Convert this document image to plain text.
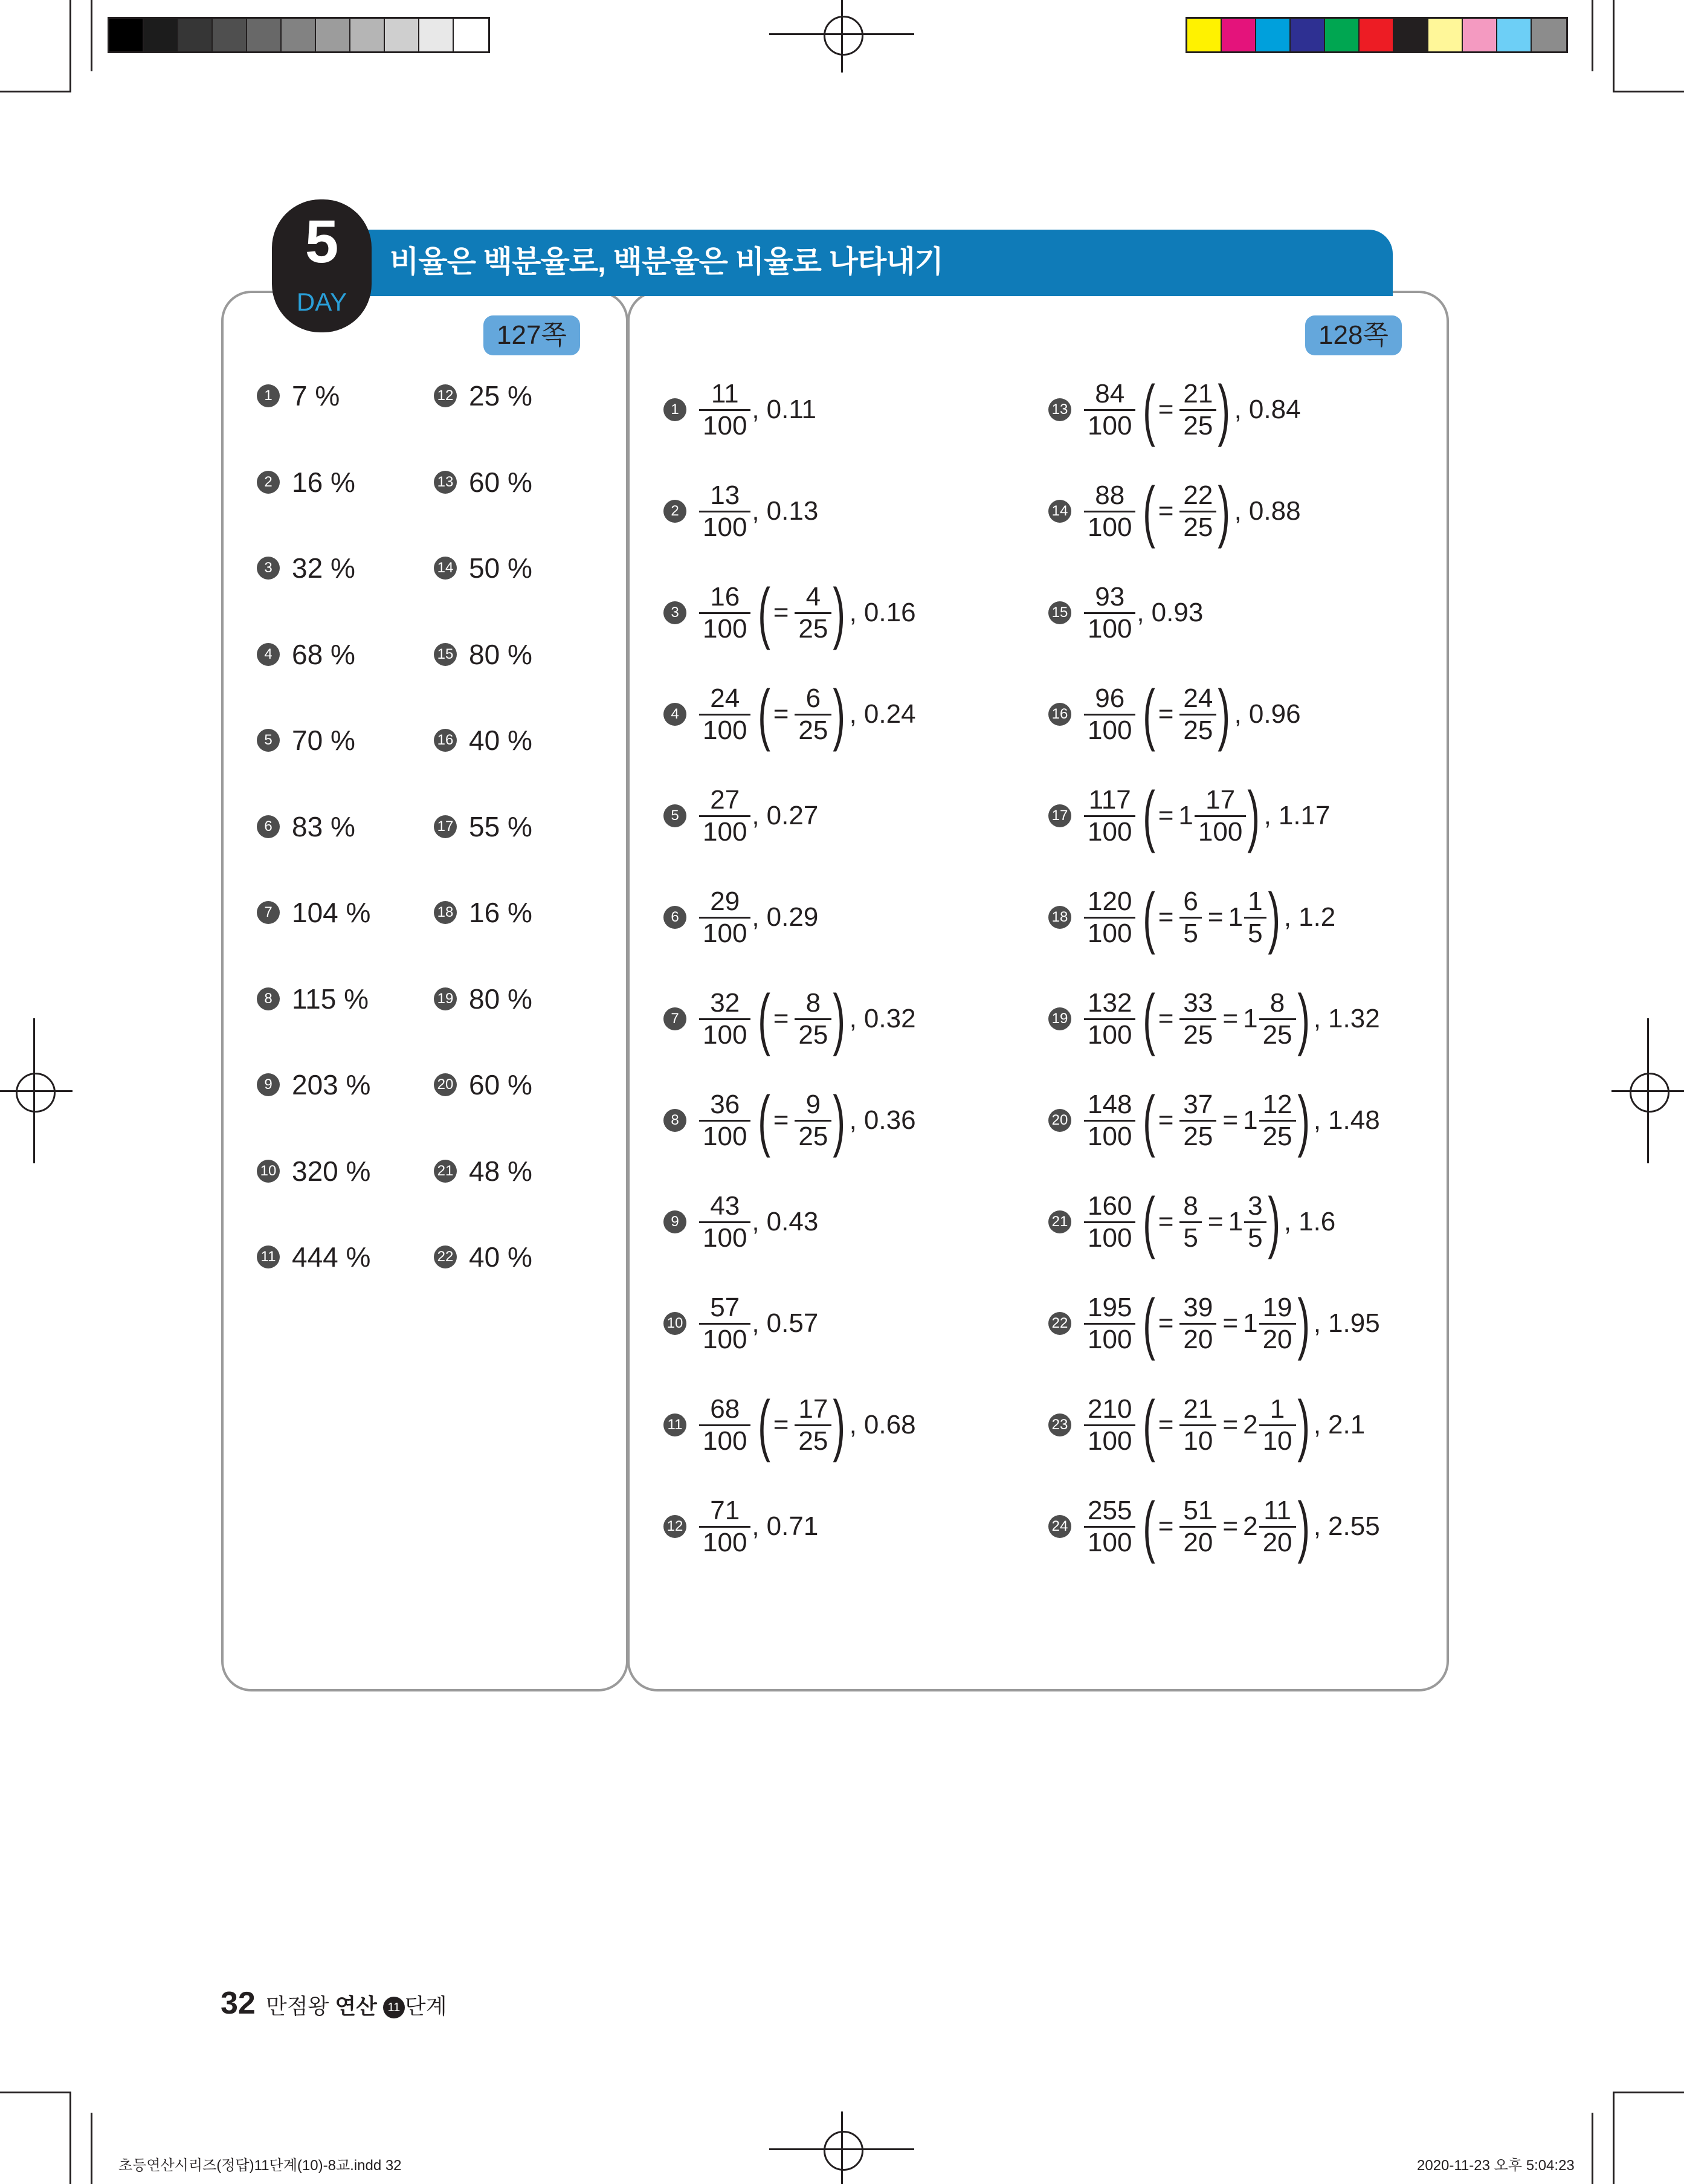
비율은 백분율로, 백분율은 비율로 나타내기
5
DAY
127쪽	128쪽
1 7 %
2 16 %
3 32 %
4 68 %
5 70 %
6 83 %
7 104 %
8 115 %
9 203 %
10 320 %
11 444 %
12 25 %
13 60 %
14 50 %
15 80 %
16 40 %
17 55 %
18 16 %
19 80 %
20 60 %
21 48 %
22 40 %
$1 \frac{11}{100}$ , 0.11
$2 \frac{13}{100}$ , 0.13
$3 \frac{16}{100}$ ( = $\frac{4}{25}$ ) , 0.16
$4 \frac{24}{100}$ ( = $\frac{6}{25}$ ) , 0.24
$5 \frac{27}{100}$ , 0.27
$6 \frac{29}{100}$ , 0.29
$7 \frac{32}{100}$ ( = $\frac{8}{25}$ ) , 0.32
$8 \frac{36}{100}$ ( = $\frac{9}{25}$ ) , 0.36
$9 \frac{43}{100}$ , 0.43
$10 \frac{57}{100}$ , 0.57
$11 \frac{68}{100}$ ( = $\frac{17}{25}$ ) , 0.68
$12 \frac{71}{100}$ , 0.71
$13 \frac{84}{100}$ ( = $\frac{21}{25}$ ) , 0.84
$14 \frac{88}{100}$ ( = $\frac{22}{25}$ ) , 0.88
$15 \frac{93}{100}$ , 0.93
$16 \frac{96}{100}$ ( = $\frac{24}{25}$ ) , 0.96
$17 \frac{117}{100}$ ( = $1 \frac{17}{100}$ ) , 1.17
$18 \frac{120}{100}$ ( = $\frac{6}{5} = 1 \frac{1}{5}$ ) , 1.2
$19 \frac{132}{100}$ ( = $\frac{33}{25} = 1 \frac{8}{25}$ ) , 1.32
$20 \frac{148}{100}$ ( = $\frac{37}{25} = 1 \frac{12}{25}$ ) , 1.48
$21 \frac{160}{100}$ ( = $\frac{8}{5} = 1 \frac{3}{5}$ ) , 1.6
$22 \frac{195}{100}$ ( = $\frac{39}{20} = 1 \frac{19}{20}$ ) , 1.95
$23 \frac{210}{100}$ ( = $\frac{21}{10} = 2 \frac{1}{10}$ ) , 2.1
$24 \frac{255}{100}$ ( = $\frac{51}{20} = 2 \frac{11}{20}$ ) , 2.55
32 만점왕 연산 11 단계
초등연산시리즈(정답)11단계(10)-8교.indd 32	2020-11-23 오후 5:04:23
